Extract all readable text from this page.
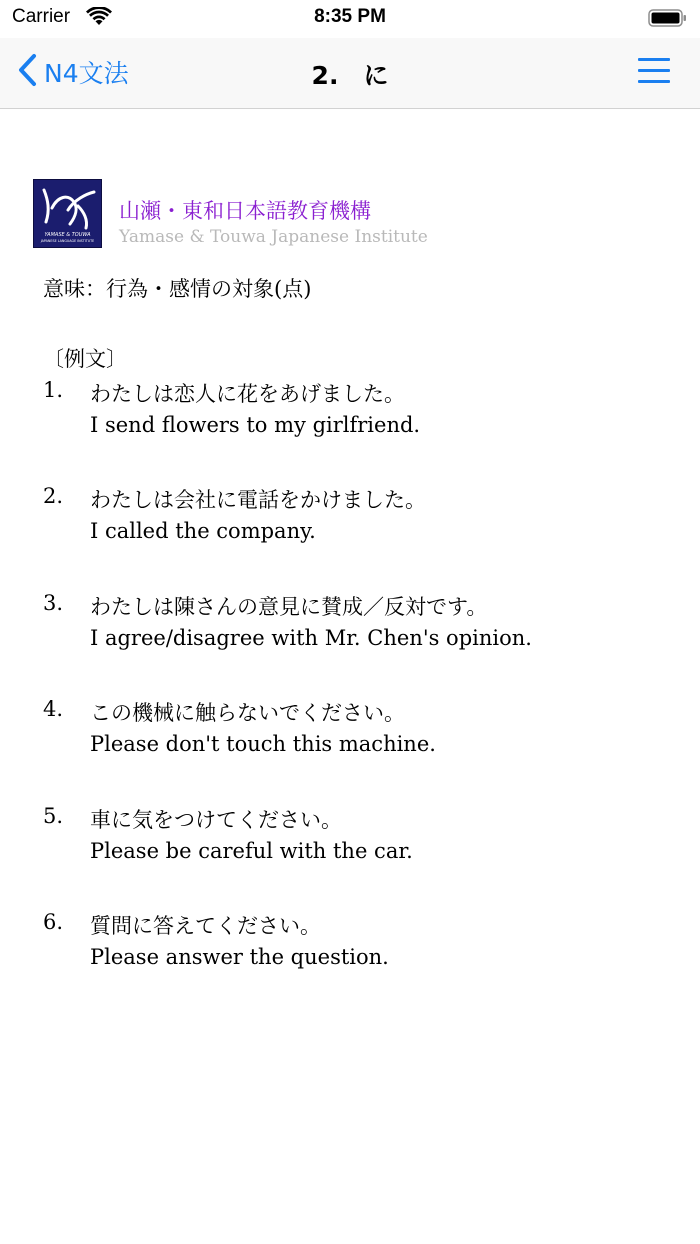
Carrier	8:35 PM
N4文法	2.　に
YAMASE & TOUWA
JAPANESE LANGUAGE INSTITUTE
山瀬・東和日本語教育機構
Yamase & Touwa Japanese Institute
意味：行為・感情の対象(点)
〔例文〕
1. わたしは恋人に花をあげました。
I send flowers to my girlfriend.
2. わたしは会社に電話をかけました。
I called the company.
3. わたしは陳さんの意見に賛成／反対です。
I agree/disagree with Mr. Chen's opinion.
4. この機械に触らないでください。
Please don't touch this machine.
5. 車に気をつけてください。
Please be careful with the car.
6. 質問に答えてください。
Please answer the question.
